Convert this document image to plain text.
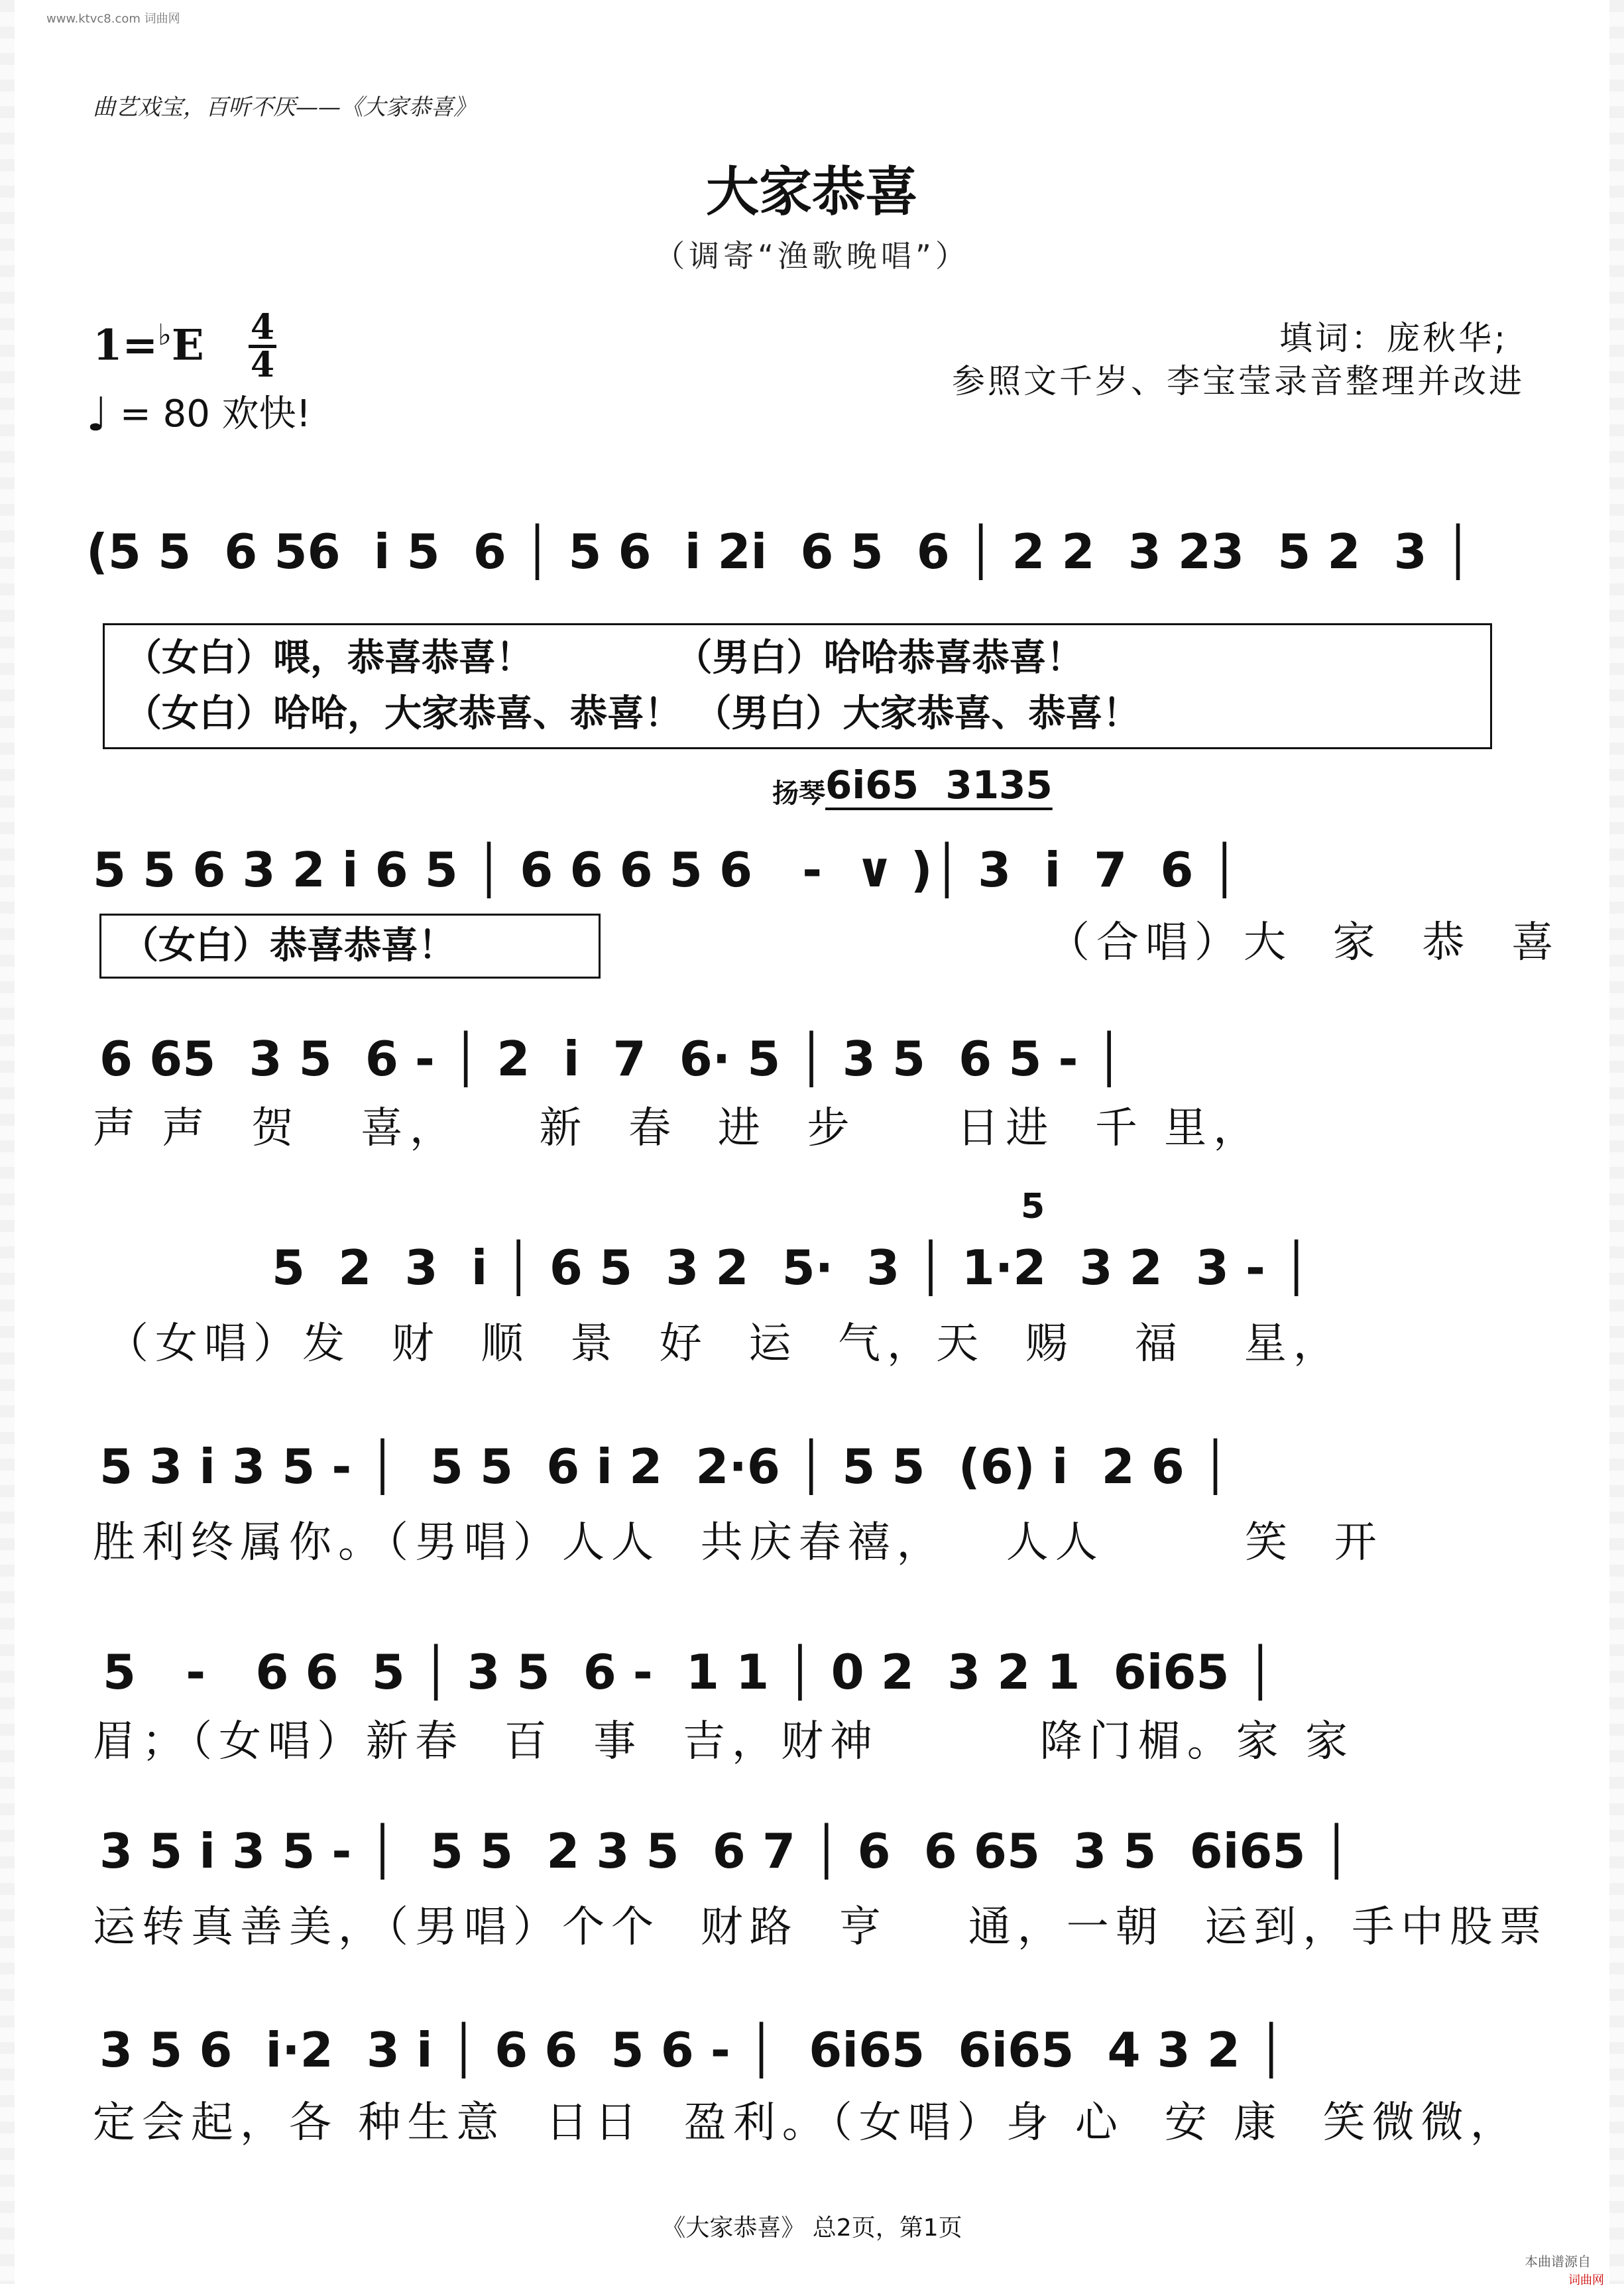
www.ktvc8.com 词曲网
曲艺戏宝，百听不厌——《大家恭喜》
大家恭喜
（调寄“渔歌晚唱”）
1=♭E 4
4
♩ = 80 欢快!
填词：庞秋华;
参照文千岁、李宝莹录音整理并改进
(5 5  6 56  i 5  6 │ 5 6  i 2i  6 5  6 │ 2 2  3 23  5 2  3 │
（女白）喂，恭喜恭喜！           （男白）哈哈恭喜恭喜！
（女白）哈哈，大家恭喜、恭喜！ （男白）大家恭喜、恭喜！
扬琴 6i65  3135
5 5 6 3 2 i 6 5 │ 6 6 6 5 6   -  ∨ )│ 3  i  7  6 │
（女白）恭喜恭喜！	（合唱）大  家  恭  喜
6 65  3 5  6 - │ 2  i  7  6· 5 │ 3 5  6 5 - │
声 声  贺   喜，    新  春  进  步     日进  千 里，
5
5  2  3  i │ 6 5  3 2  5·  3 │ 1·2  3 2  3 - │
（女唱）发  财  顺  景  好  运  气，天  赐   福   星，
5 3 i 3 5 - │  5 5  6 i 2  2·6 │ 5 5  (6) i  2 6 │
胜利终属你。（男唱）人人  共庆春禧，   人人       笑  开
5   -   6 6  5 │ 3 5  6 -  1 1 │ 0 2  3 2 1  6i65 │
眉；（女唱）新春  百  事  吉，财神        降门楣。家 家
3 5 i 3 5 - │  5 5  2 3 5  6 7 │ 6  6 65  3 5  6i65 │
运转真善美，（男唱）个个  财路  亨    通，一朝  运到，手中股票
3 5 6  i·2  3 i │ 6 6  5 6 - │  6i65  6i65  4 3 2 │
定会起，各 种生意  日日  盈利。（女唱）身 心  安 康  笑微微，
《大家恭喜》 总2页，第1页
本曲谱源自
词曲网
